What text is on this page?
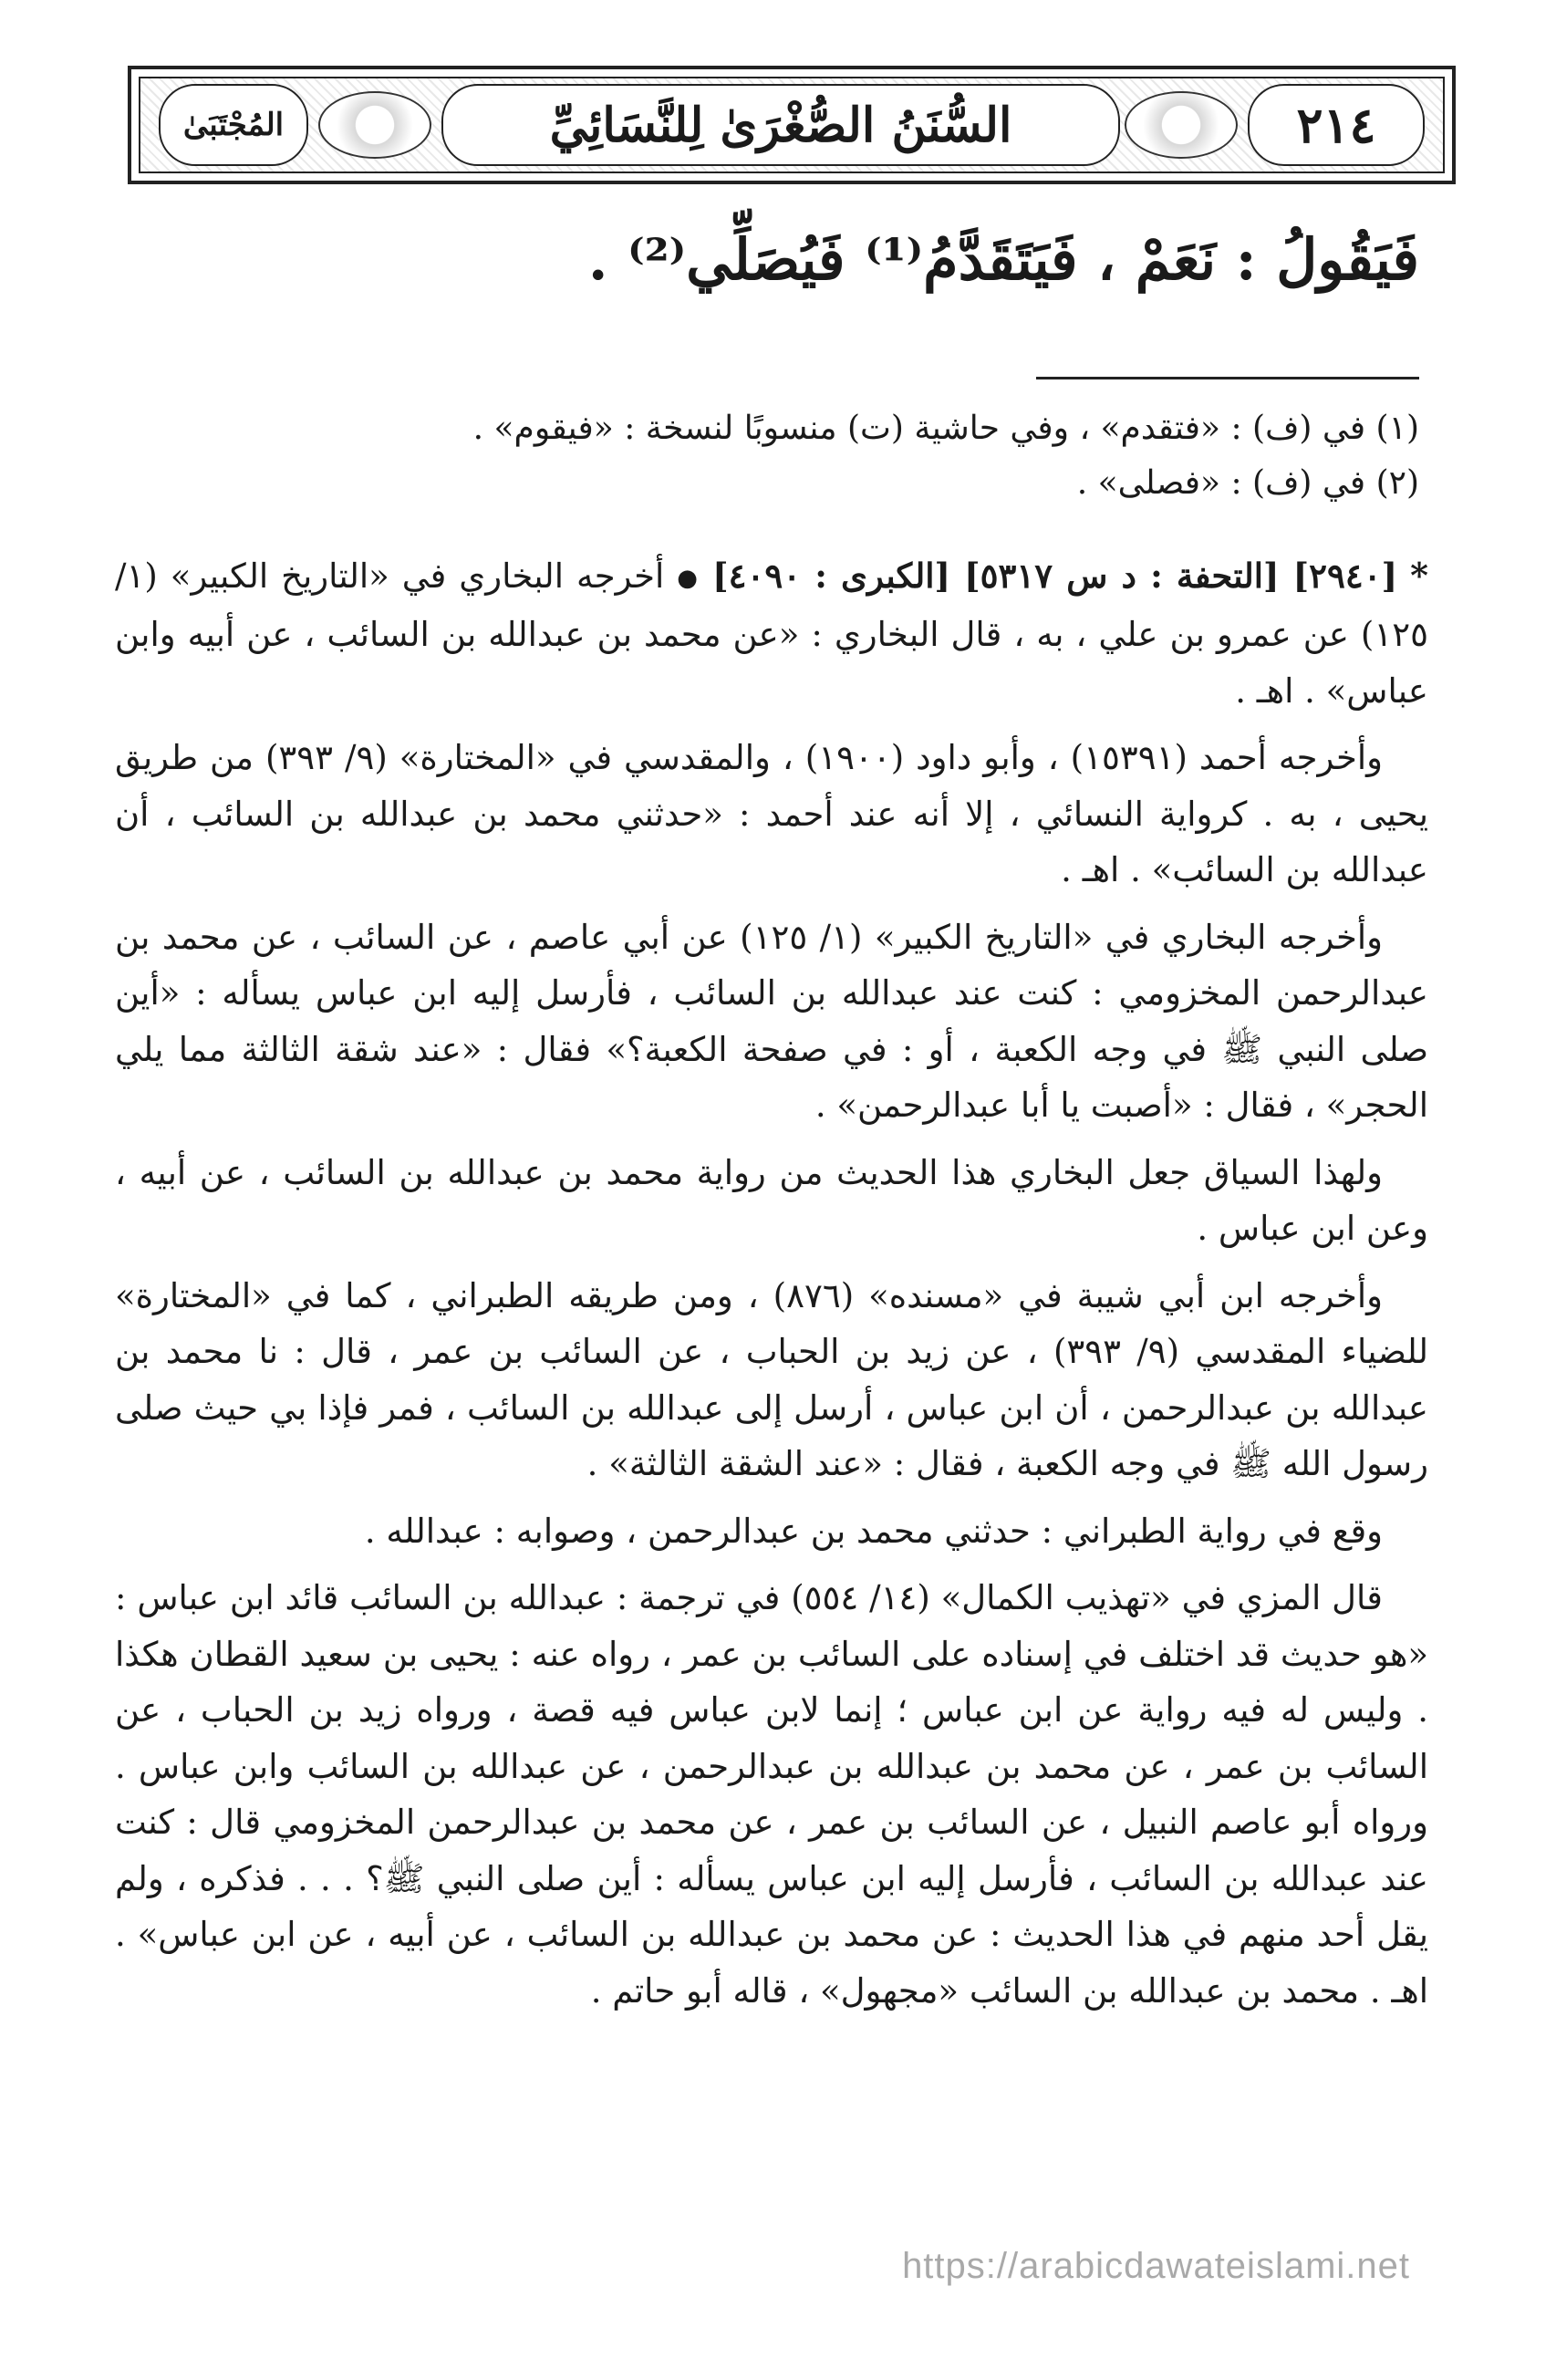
المُجْتَبَىٰ	السُّنَنُ الصُّغْرَىٰ لِلنَّسَائِيِّ	٢١٤
فَيَقُولُ : نَعَمْ ، فَيَتَقَدَّمُ⁽¹⁾ فَيُصَلِّي⁽²⁾ .

(١) في (ف) : «فتقدم» ، وفي حاشية (ت) منسوبًا لنسخة : «فيقوم» .

(٢) في (ف) : «فصلى» .

* [٢٩٤٠] [التحفة : د س ٥٣١٧] [الكبرى : ٤٠٩٠] ● أخرجه البخاري في «التاريخ الكبير» (١/ ١٢٥) عن عمرو بن علي ، به ، قال البخاري : «عن محمد بن عبدالله بن السائب ، عن أبيه وابن عباس» . اهـ .

وأخرجه أحمد (١٥٣٩١) ، وأبو داود (١٩٠٠) ، والمقدسي في «المختارة» (٩/ ٣٩٣) من طريق يحيى ، به . كرواية النسائي ، إلا أنه عند أحمد : «حدثني محمد بن عبدالله بن السائب ، أن عبدالله بن السائب» . اهـ .

وأخرجه البخاري في «التاريخ الكبير» (١/ ١٢٥) عن أبي عاصم ، عن السائب ، عن محمد بن عبدالرحمن المخزومي : كنت عند عبدالله بن السائب ، فأرسل إليه ابن عباس يسأله : «أين صلى النبي ﷺ في وجه الكعبة ، أو : في صفحة الكعبة؟» فقال : «عند شقة الثالثة مما يلي الحجر» ، فقال : «أصبت يا أبا عبدالرحمن» .

ولهذا السياق جعل البخاري هذا الحديث من رواية محمد بن عبدالله بن السائب ، عن أبيه ، وعن ابن عباس .

وأخرجه ابن أبي شيبة في «مسنده» (٨٧٦) ، ومن طريقه الطبراني ، كما في «المختارة» للضياء المقدسي (٩/ ٣٩٣) ، عن زيد بن الحباب ، عن السائب بن عمر ، قال : نا محمد بن عبدالله بن عبدالرحمن ، أن ابن عباس ، أرسل إلى عبدالله بن السائب ، فمر فإذا بي حيث صلى رسول الله ﷺ في وجه الكعبة ، فقال : «عند الشقة الثالثة» .

وقع في رواية الطبراني : حدثني محمد بن عبدالرحمن ، وصوابه : عبدالله .

قال المزي في «تهذيب الكمال» (١٤/ ٥٥٤) في ترجمة : عبدالله بن السائب قائد ابن عباس : «هو حديث قد اختلف في إسناده على السائب بن عمر ، رواه عنه : يحيى بن سعيد القطان هكذا . وليس له فيه رواية عن ابن عباس ؛ إنما لابن عباس فيه قصة ، ورواه زيد بن الحباب ، عن السائب بن عمر ، عن محمد بن عبدالله بن عبدالرحمن ، عن عبدالله بن السائب وابن عباس . ورواه أبو عاصم النبيل ، عن السائب بن عمر ، عن محمد بن عبدالرحمن المخزومي قال : كنت عند عبدالله بن السائب ، فأرسل إليه ابن عباس يسأله : أين صلى النبي ﷺ؟ . . . فذكره ، ولم يقل أحد منهم في هذا الحديث : عن محمد بن عبدالله بن السائب ، عن أبيه ، عن ابن عباس» . اهـ . محمد بن عبدالله بن السائب «مجهول» ، قاله أبو حاتم .

https://arabicdawateislami.net
